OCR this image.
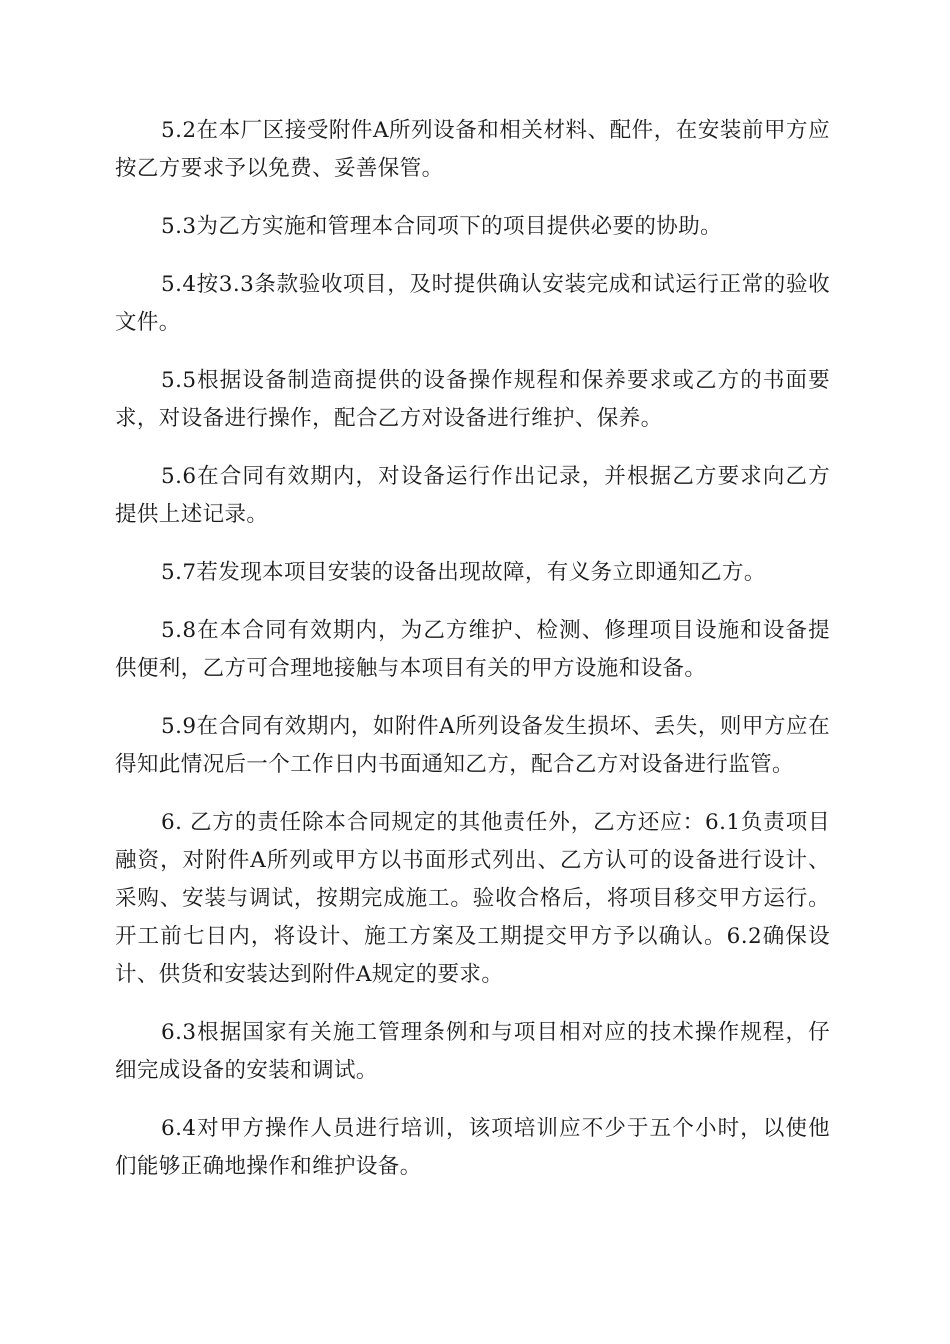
5.2在本厂区接受附件A所列设备和相关材料、配件，在安装前甲方应按乙方要求予以免费、妥善保管。

5.3为乙方实施和管理本合同项下的项目提供必要的协助。

5.4按3.3条款验收项目，及时提供确认安装完成和试运行正常的验收文件。

5.5根据设备制造商提供的设备操作规程和保养要求或乙方的书面要求，对设备进行操作，配合乙方对设备进行维护、保养。

5.6在合同有效期内，对设备运行作出记录，并根据乙方要求向乙方提供上述记录。

5.7若发现本项目安装的设备出现故障，有义务立即通知乙方。

5.8在本合同有效期内，为乙方维护、检测、修理项目设施和设备提供便利，乙方可合理地接触与本项目有关的甲方设施和设备。

5.9在合同有效期内，如附件A所列设备发生损坏、丢失，则甲方应在得知此情况后一个工作日内书面通知乙方，配合乙方对设备进行监管。

6. 乙方的责任除本合同规定的其他责任外，乙方还应：6.1负责项目融资，对附件A所列或甲方以书面形式列出、乙方认可的设备进行设计、采购、安装与调试，按期完成施工。验收合格后，将项目移交甲方运行。开工前七日内，将设计、施工方案及工期提交甲方予以确认。6.2确保设计、供货和安装达到附件A规定的要求。

6.3根据国家有关施工管理条例和与项目相对应的技术操作规程，仔细完成设备的安装和调试。

6.4对甲方操作人员进行培训，该项培训应不少于五个小时，以使他们能够正确地操作和维护设备。
